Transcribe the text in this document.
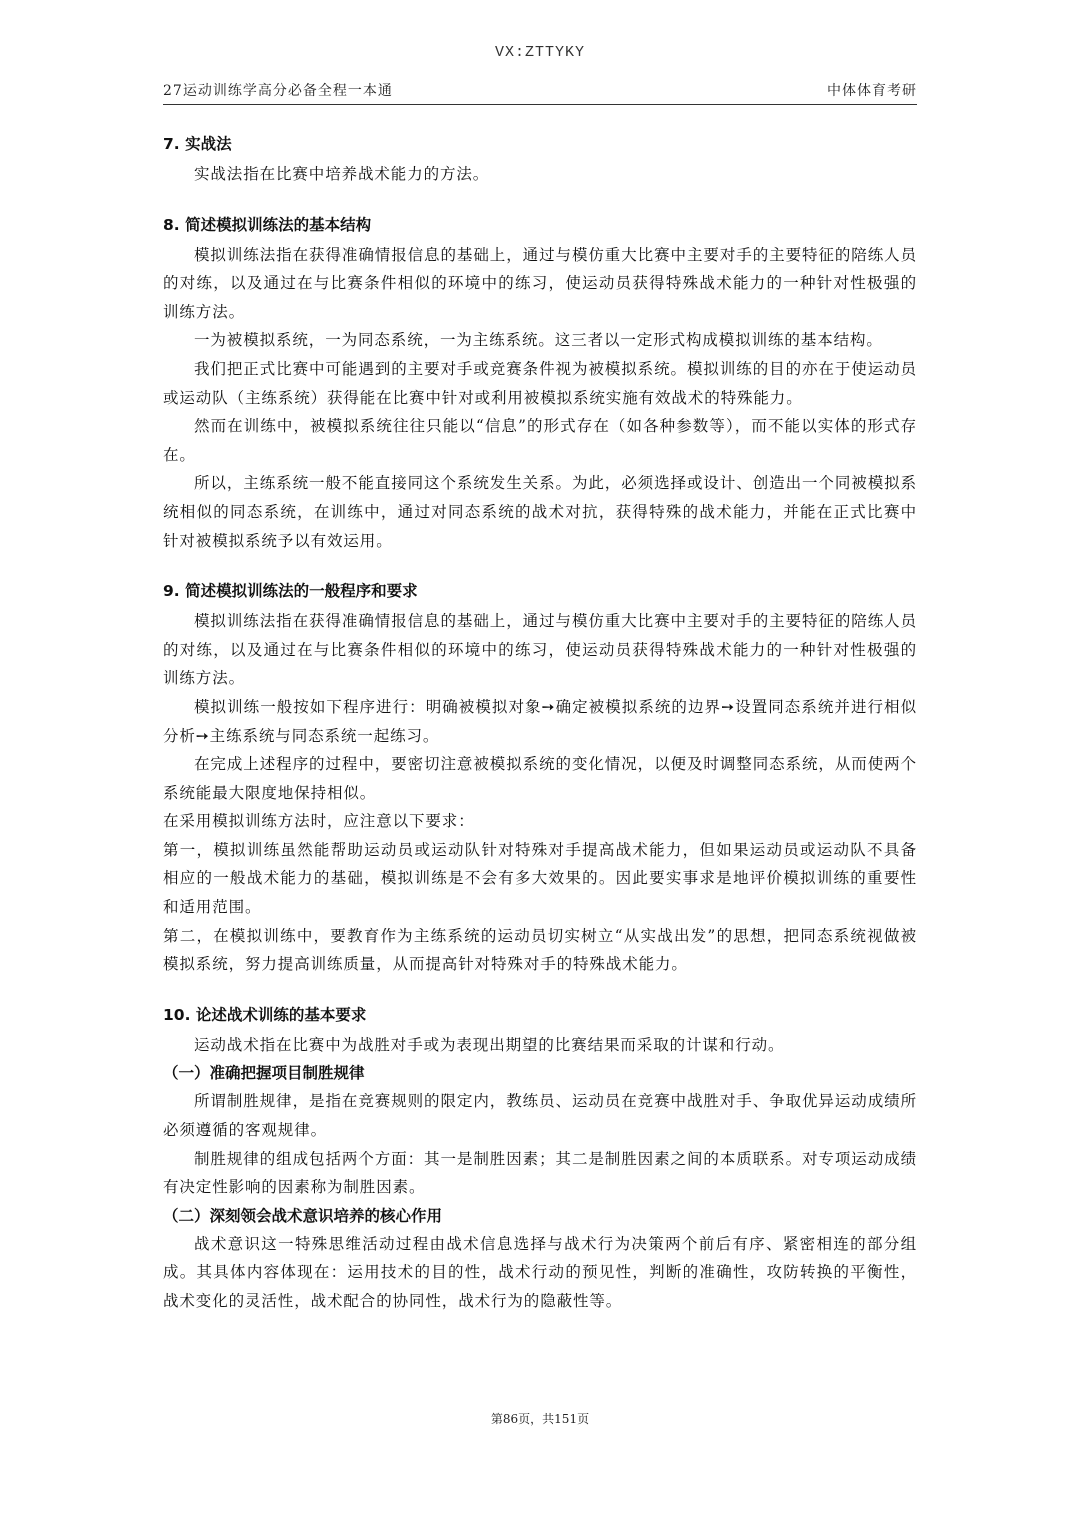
VX:ZTTYKY
27运动训练学高分必备全程一本通	中体体育考研

7. 实战法

实战法指在比赛中培养战术能力的方法。

8. 简述模拟训练法的基本结构

模拟训练法指在获得准确情报信息的基础上，通过与模仿重大比赛中主要对手的主要特征的陪练人员的对练，以及通过在与比赛条件相似的环境中的练习，使运动员获得特殊战术能力的一种针对性极强的训练方法。

一为被模拟系统，一为同态系统，一为主练系统。这三者以一定形式构成模拟训练的基本结构。

我们把正式比赛中可能遇到的主要对手或竞赛条件视为被模拟系统。模拟训练的目的亦在于使运动员或运动队（主练系统）获得能在比赛中针对或利用被模拟系统实施有效战术的特殊能力。

然而在训练中，被模拟系统往往只能以“信息”的形式存在（如各种参数等），而不能以实体的形式存在。

所以，主练系统一般不能直接同这个系统发生关系。为此，必须选择或设计、创造出一个同被模拟系统相似的同态系统，在训练中，通过对同态系统的战术对抗，获得特殊的战术能力，并能在正式比赛中针对被模拟系统予以有效运用。

9. 简述模拟训练法的一般程序和要求

模拟训练法指在获得准确情报信息的基础上，通过与模仿重大比赛中主要对手的主要特征的陪练人员的对练，以及通过在与比赛条件相似的环境中的练习，使运动员获得特殊战术能力的一种针对性极强的训练方法。

模拟训练一般按如下程序进行：明确被模拟对象➙确定被模拟系统的边界➙设置同态系统并进行相似分析➙主练系统与同态系统一起练习。

在完成上述程序的过程中，要密切注意被模拟系统的变化情况，以便及时调整同态系统，从而使两个系统能最大限度地保持相似。

在采用模拟训练方法时，应注意以下要求：

第一，模拟训练虽然能帮助运动员或运动队针对特殊对手提高战术能力，但如果运动员或运动队不具备相应的一般战术能力的基础，模拟训练是不会有多大效果的。因此要实事求是地评价模拟训练的重要性和适用范围。

第二，在模拟训练中，要教育作为主练系统的运动员切实树立“从实战出发”的思想，把同态系统视做被模拟系统，努力提高训练质量，从而提高针对特殊对手的特殊战术能力。

10. 论述战术训练的基本要求

运动战术指在比赛中为战胜对手或为表现出期望的比赛结果而采取的计谋和行动。

（一）准确把握项目制胜规律

所谓制胜规律，是指在竞赛规则的限定内，教练员、运动员在竞赛中战胜对手、争取优异运动成绩所必须遵循的客观规律。

制胜规律的组成包括两个方面：其一是制胜因素；其二是制胜因素之间的本质联系。对专项运动成绩有决定性影响的因素称为制胜因素。

（二）深刻领会战术意识培养的核心作用

战术意识这一特殊思维活动过程由战术信息选择与战术行为决策两个前后有序、紧密相连的部分组成。其具体内容体现在：运用技术的目的性，战术行动的预见性，判断的准确性，攻防转换的平衡性，战术变化的灵活性，战术配合的协同性，战术行为的隐蔽性等。

第86页，共151页
